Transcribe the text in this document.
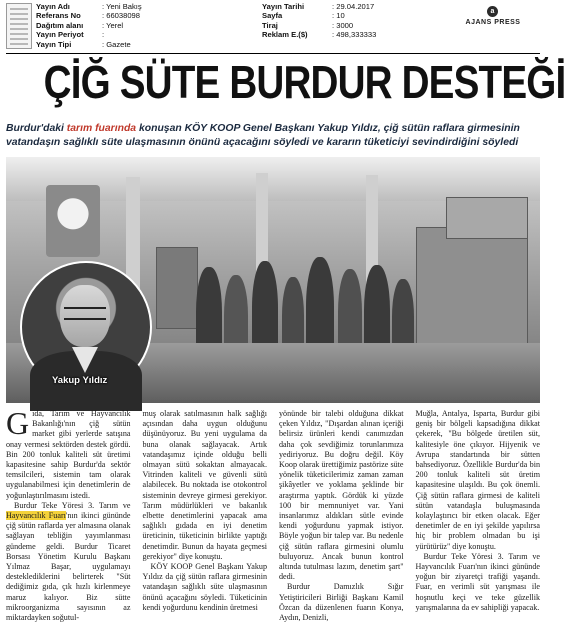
Yayın Adı	: Yeni Bakış
Referans No	: 66038098
Dağıtım alanı	: Yerel
Yayın Periyot	:
Yayın Tipi	: Gazete
Yayın Tarihi	: 29.04.2017
Sayfa	: 10
Tiraj	: 3000
Reklam E.($)	: 498,333333
a
AJANS PRESS
ÇİĞ SÜTE BURDUR DESTEĞİ
Burdur'daki tarım fuarında konuşan KÖY KOOP Genel Başkanı Yakup Yıldız, çiğ sütün raflara girmesinin vatandaşın sağlıklı süte ulaşmasının önünü açacağını söyledi ve kararın tüketiciyi sevindirdiğini söyledi
Yakup Yıldız

Gıda, Tarım ve Hayvancılık Bakanlığı'nın çiğ sütün market gibi yerlerde satışına onay vermesi sektörden destek gördü. Bin 200 tonluk kaliteli süt üretimi kapasitesine sahip Burdur'da sektör temsilcileri, sistemin tam olarak uygulanabilmesi için denetimlerin de yoğunlaştırılmasını istedi.

Burdur Teke Yöresi 3. Tarım ve Hayvancılık Fuarı'nın ikinci gününde çiğ sütün raflarda yer almasına olanak sağlayan tebliğin yayımlanması gündeme geldi. Burdur Ticaret Borsası Yönetim Kurulu Başkanı Yılmaz Başar, uygulamayı desteklediklerini belirterek "Süt dediğimiz gıda, çık hızlı kirlenmeye maruz kalıyor. Biz sütte mikroorganizma sayısının az miktardayken soğutul-

muş olarak satılmasının halk sağlığı açısından daha uygun olduğunu düşünüyoruz. Bu yeni uygulama da buna olanak sağlayacak. Artık vatandaşımız içinde olduğu belli olmayan sütü sokaktan almayacak. Vitrinden kaliteli ve güvenli sütü alabilecek. Bu noktada ise otokontrol sisteminin devreye girmesi gerekiyor. Tarım müdürlükleri ve bakanlık elbette denetimlerini yapacak ama sağlıklı gıdada en iyi denetim üreticinin, tüketicinin birlikte yaptığı denetimdir. Bunun da hayata geçmesi gerekiyor" diye konuştu.

KÖY KOOP Genel Başkanı Yakup Yıldız da çiğ sütün raflara girmesinin vatandaşın sağlıklı süte ulaşmasının önünü açacağını söyledi. Tüketicinin kendi yoğurdunu kendinin üretmesi

yönünde bir talebi olduğuna dikkat çeken Yıldız, "Dışardan alınan içeriği belirsiz ürünleri kendi canımızdan daha çok sevdiğimiz torunlarımıza yediriyoruz. Bu doğru değil. Köy Koop olarak ürettiğimiz pastörize süte yönelik tüketicilerimiz zaman zaman şikâyetler ve yoklama şeklinde bir araştırma yaptık. Gördük ki yüzde 100 bir memnuniyet var. Yani insanlarımız aldıkları sütle evinde kendi yoğurdunu yapmak istiyor. Böyle yoğun bir talep var. Bu nedenle çiğ sütün raflara girmesini olumlu buluyoruz. Ancak bunun kontrol altında tutulması lazım, denetim şart" dedi.

Burdur Damızlık Sığır Yetiştiricileri Birliği Başkanı Kamil Özcan da düzenlenen fuarın Konya, Aydın, Denizli,

Muğla, Antalya, Isparta, Burdur gibi geniş bir bölgeli kapsadığına dikkat çekerek, "Bu bölgede üretilen süt, kalitesiyle öne çıkıyor. Hijyenik ve Avrupa standartında bir sütten bahsediyoruz. Özellikle Burdur'da bin 200 tonluk kaliteli süt üretim kapasitesine ulaşıldı. Bu çok önemli. Çiğ sütün raflara girmesi de kaliteli sütün vatandaşla buluşmasında kolaylaştırıcı bir etken olacak. Eğer denetimler de en iyi şekilde yapılırsa hiç bir problem olmadan bu işi yürütürüz" diye konuştu.

Burdur Teke Yöresi 3. Tarım ve Hayvancılık Fuarı'nın ikinci gününde yoğun bir ziyaretçi trafiği yaşandı. Fuar, en verimli süt yarışması ile hoşnutlu keçi ve teke güzellik yarışmalarına da ev sahipliği yapacak.
